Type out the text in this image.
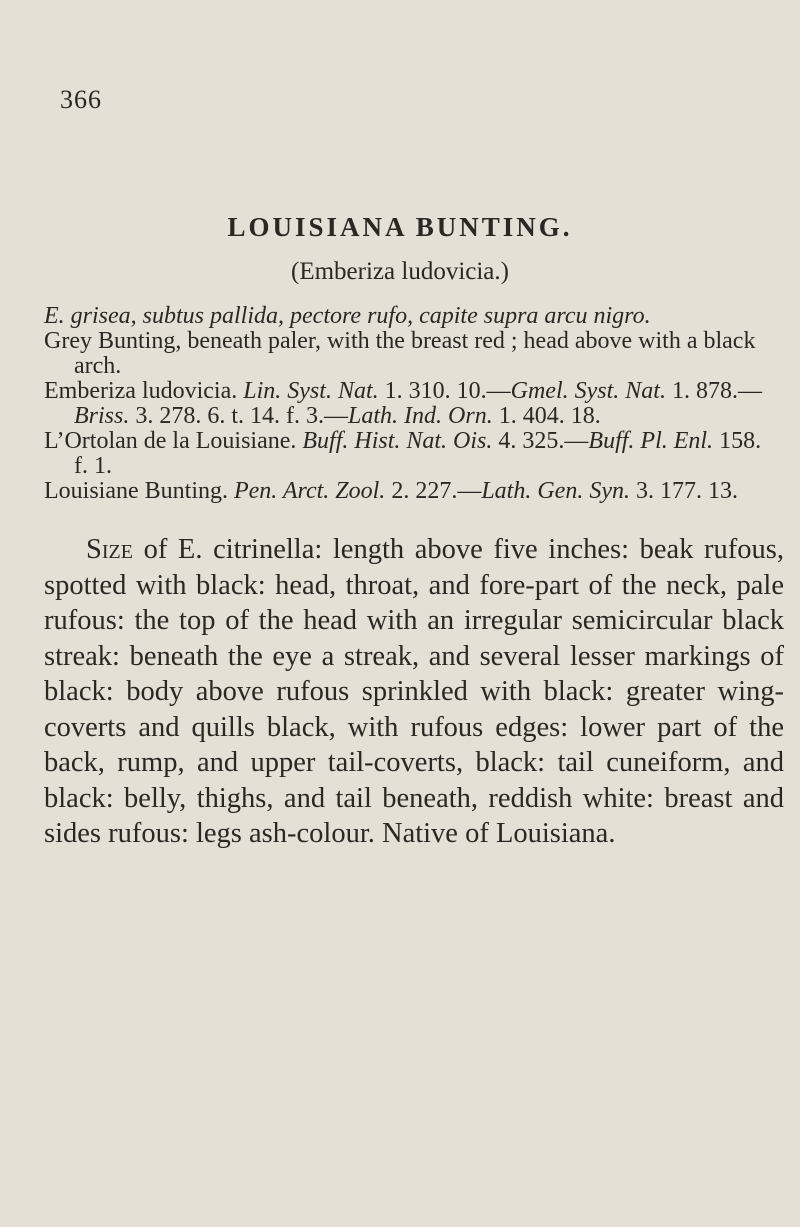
366
LOUISIANA BUNTING.
(Emberiza ludovicia.)

E. grisea, subtus pallida, pectore rufo, capite supra arcu nigro.

Grey Bunting, beneath paler, with the breast red ; head above with a black arch.

Emberiza ludovicia. Lin. Syst. Nat. 1. 310. 10.—Gmel. Syst. Nat. 1. 878.—Briss. 3. 278. 6. t. 14. f. 3.—Lath. Ind. Orn. 1. 404. 18.

L’Ortolan de la Louisiane. Buff. Hist. Nat. Ois. 4. 325.—Buff. Pl. Enl. 158. f. 1.

Louisiane Bunting. Pen. Arct. Zool. 2. 227.—Lath. Gen. Syn. 3. 177. 13.

Size of E. citrinella: length above five inches: beak rufous, spotted with black: head, throat, and fore-part of the neck, pale rufous: the top of the head with an irregular semicircular black streak: beneath the eye a streak, and several lesser markings of black: body above rufous sprinkled with black: greater wing-coverts and quills black, with rufous edges: lower part of the back, rump, and upper tail-coverts, black: tail cuneiform, and black: belly, thighs, and tail beneath, reddish white: breast and sides rufous: legs ash-colour. Native of Louisiana.
